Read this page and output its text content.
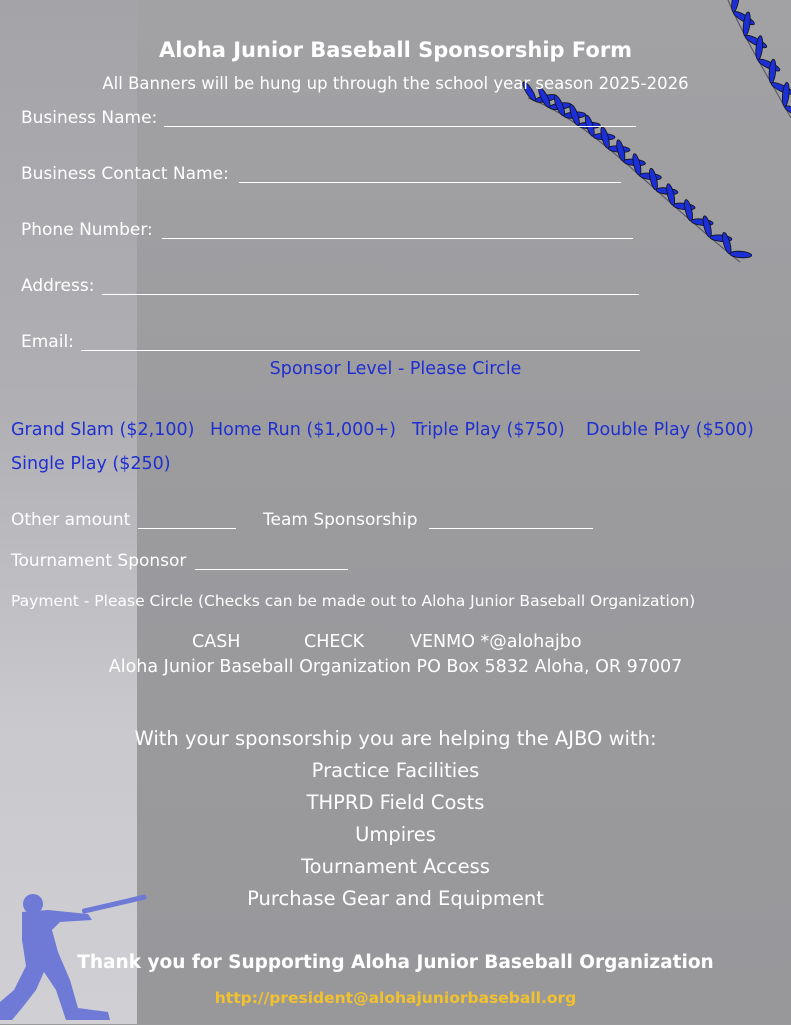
Aloha Junior Baseball Sponsorship Form
All Banners will be hung up through the school year season 2025-2026
Business Name:
Business Contact Name:
Phone Number:
Address:
Email:
Sponsor Level - Please Circle
Grand Slam ($2,100) Home Run ($1,000+) Triple Play ($750) Double Play ($500)
Single Play ($250)
Other amount	Team Sponsorship
Tournament Sponsor
Payment - Please Circle (Checks can be made out to Aloha Junior Baseball Organization)
CASH	CHECK	VENMO *@alohajbo
Aloha Junior Baseball Organization PO Box 5832 Aloha, OR 97007
With your sponsorship you are helping the AJBO with:
Practice Facilities
THPRD Field Costs
Umpires
Tournament Access
Purchase Gear and Equipment
Thank you for Supporting Aloha Junior Baseball Organization
http://president@alohajuniorbaseball.org
